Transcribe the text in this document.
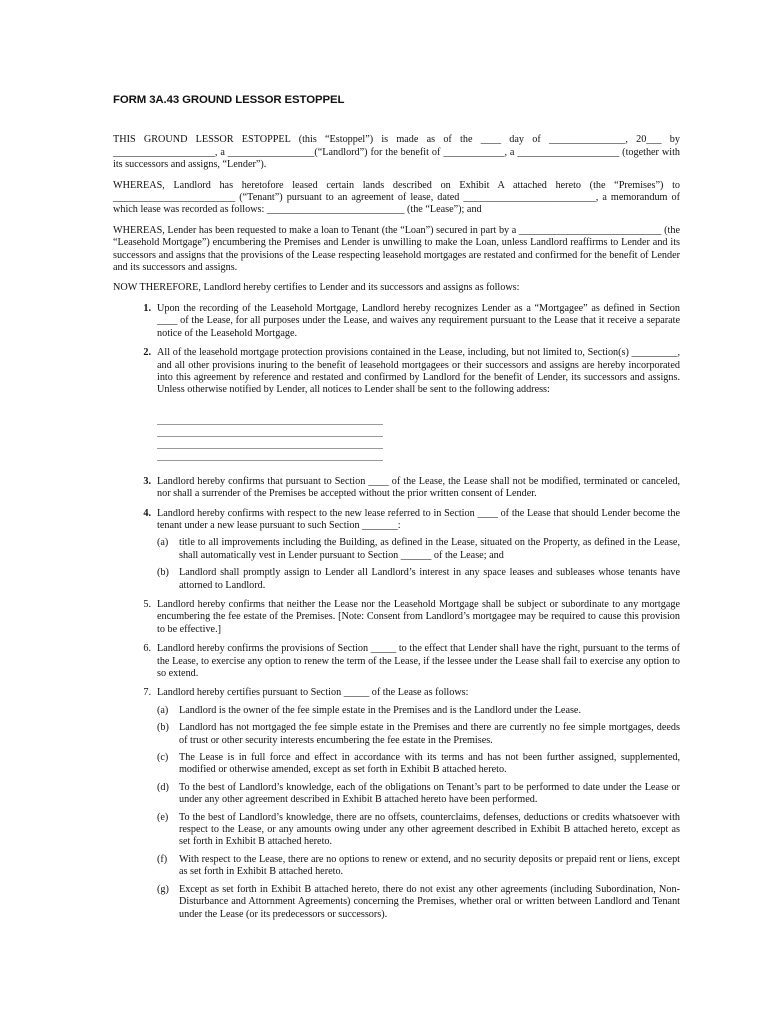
FORM 3A.43 GROUND LESSOR ESTOPPEL

THIS GROUND LESSOR ESTOPPEL (this “Estoppel”) is made as of the ____ day of _______________, 20___ by ____________________, a _________________(“Landlord”) for the benefit of ____________, a ____________________ (together with its successors and assigns, “Lender”).

WHEREAS, Landlord has heretofore leased certain lands described on Exhibit A attached hereto (the “Premises”) to ________________________ (“Tenant”) pursuant to an agreement of lease, dated __________________________, a memorandum of which lease was recorded as follows: ___________________________ (the “Lease”); and

WHEREAS, Lender has been requested to make a loan to Tenant (the “Loan”) secured in part by a ____________________________ (the “Leasehold Mortgage”) encumbering the Premises and Lender is unwilling to make the Loan, unless Landlord reaffirms to Lender and its successors and assigns that the provisions of the Lease respecting leasehold mortgages are restated and confirmed for the benefit of Lender and its successors and assigns.

NOW THEREFORE, Landlord hereby certifies to Lender and its successors and assigns as follows:

1. Upon the recording of the Leasehold Mortgage, Landlord hereby recognizes Lender as a “Mortgagee” as defined in Section ____ of the Lease, for all purposes under the Lease, and waives any requirement pursuant to the Lease that it receive a separate notice of the Leasehold Mortgage.
2. All of the leasehold mortgage protection provisions contained in the Lease, including, but not limited to, Section(s) _________, and all other provisions inuring to the benefit of leasehold mortgagees or their successors and assigns are hereby incorporated into this agreement by reference and restated and confirmed by Landlord for the benefit of Lender, its successors and assigns. Unless otherwise notified by Lender, all notices to Lender shall be sent to the following address:
3. Landlord hereby confirms that pursuant to Section ____ of the Lease, the Lease shall not be modified, terminated or canceled, nor shall a surrender of the Premises be accepted without the prior written consent of Lender.
4. Landlord hereby confirms with respect to the new lease referred to in Section ____ of the Lease that should Lender become the tenant under a new lease pursuant to such Section _______:
(a)	title to all improvements including the Building, as defined in the Lease, situated on the Property, as defined in the Lease, shall automatically vest in Lender pursuant to Section ______ of the Lease; and
(b) Landlord shall promptly assign to Lender all Landlord’s interest in any space leases and subleases whose tenants have attorned to Landlord.
5. Landlord hereby confirms that neither the Lease nor the Leasehold Mortgage shall be subject or subordinate to any mortgage encumbering the fee estate of the Premises. [Note: Consent from Landlord’s mortgagee may be required to cause this provision to be effective.]
6. Landlord hereby confirms the provisions of Section _____ to the effect that Lender shall have the right, pursuant to the terms of the Lease, to exercise any option to renew the term of the Lease, if the lessee under the Lease shall fail to exercise any option to so extend.
7. Landlord hereby certifies pursuant to Section _____ of the Lease as follows:
(a)	Landlord is the owner of the fee simple estate in the Premises and is the Landlord under the Lease.
(b) Landlord has not mortgaged the fee simple estate in the Premises and there are currently no fee simple mortgages, deeds of trust or other security interests encumbering the fee estate in the Premises.
(c)	The Lease is in full force and effect in accordance with its terms and has not been further assigned, supplemented, modified or otherwise amended, except as set forth in Exhibit B attached hereto.
(d) To the best of Landlord’s knowledge, each of the obligations on Tenant’s part to be performed to date under the Lease or under any other agreement described in Exhibit B attached hereto have been performed.
(e)	To the best of Landlord’s knowledge, there are no offsets, counterclaims, defenses, deductions or credits whatsoever with respect to the Lease, or any amounts owing under any other agreement described in Exhibit B attached hereto, except as set forth in Exhibit B attached hereto.
(f)	With respect to the Lease, there are no options to renew or extend, and no security deposits or prepaid rent or liens, except as set forth in Exhibit B attached hereto.
(g) Except as set forth in Exhibit B attached hereto, there do not exist any other agreements (including Subordination, Non-Disturbance and Attornment Agreements) concerning the Premises, whether oral or written between Landlord and Tenant under the Lease (or its predecessors or successors).
